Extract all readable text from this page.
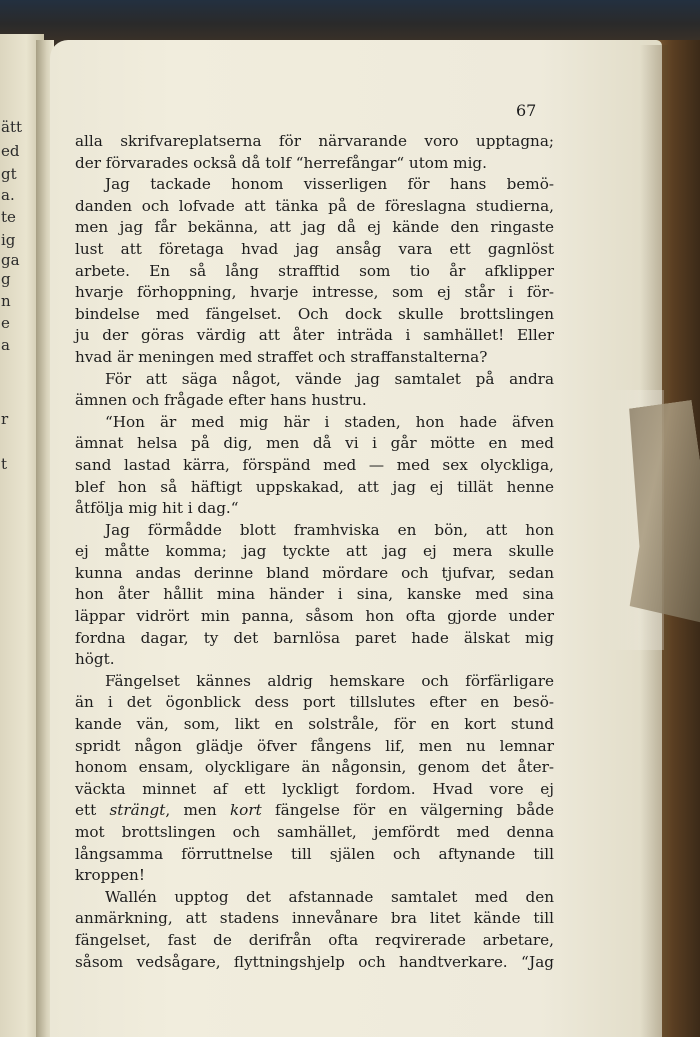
ätt
ed
gt
a.
te
ig
ga
g
n
e
a
r
t
67
alla skrifvareplatserna för närvarande voro upptagna;
der förvarades också då tolf “herrefångar“ utom mig.
Jag tackade honom visserligen för hans bemö-
danden och lofvade att tänka på de föreslagna studierna,
men jag får bekänna, att jag då ej kände den ringaste
lust att företaga hvad jag ansåg vara ett gagnlöst
arbete. En så lång strafftid som tio år afklipper
hvarje förhoppning, hvarje intresse, som ej står i för-
bindelse med fängelset. Och dock skulle brottslingen
ju der göras värdig att åter inträda i samhället! Eller
hvad är meningen med straffet och straffanstalterna?
För att säga något, vände jag samtalet på andra
ämnen och frågade efter hans hustru.
“Hon är med mig här i staden, hon hade äfven
ämnat helsa på dig, men då vi i går mötte en med
sand lastad kärra, förspänd med — med sex olyckliga,
blef hon så häftigt uppskakad, att jag ej tillät henne
åtfölja mig hit i dag.“
Jag förmådde blott framhviska en bön, att hon
ej måtte komma; jag tyckte att jag ej mera skulle
kunna andas derinne bland mördare och tjufvar, sedan
hon åter hållit mina händer i sina, kanske med sina
läppar vidrört min panna, såsom hon ofta gjorde under
fordna dagar, ty det barnlösa paret hade älskat mig
högt.
Fängelset kännes aldrig hemskare och förfärligare
än i det ögonblick dess port tillslutes efter en besö-
kande vän, som, likt en solstråle, för en kort stund
spridt någon glädje öfver fångens lif, men nu lemnar
honom ensam, olyckligare än någonsin, genom det åter-
väckta minnet af ett lyckligt fordom. Hvad vore ej
ett strängt, men kort fängelse för en välgerning både
mot brottslingen och samhället, jemfördt med denna
långsamma förruttnelse till själen och aftynande till
kroppen!
Wallén upptog det afstannade samtalet med den
anmärkning, att stadens innevånare bra litet kände till
fängelset, fast de derifrån ofta reqvirerade arbetare,
såsom vedsågare, flyttningshjelp och handtverkare. “Jag
